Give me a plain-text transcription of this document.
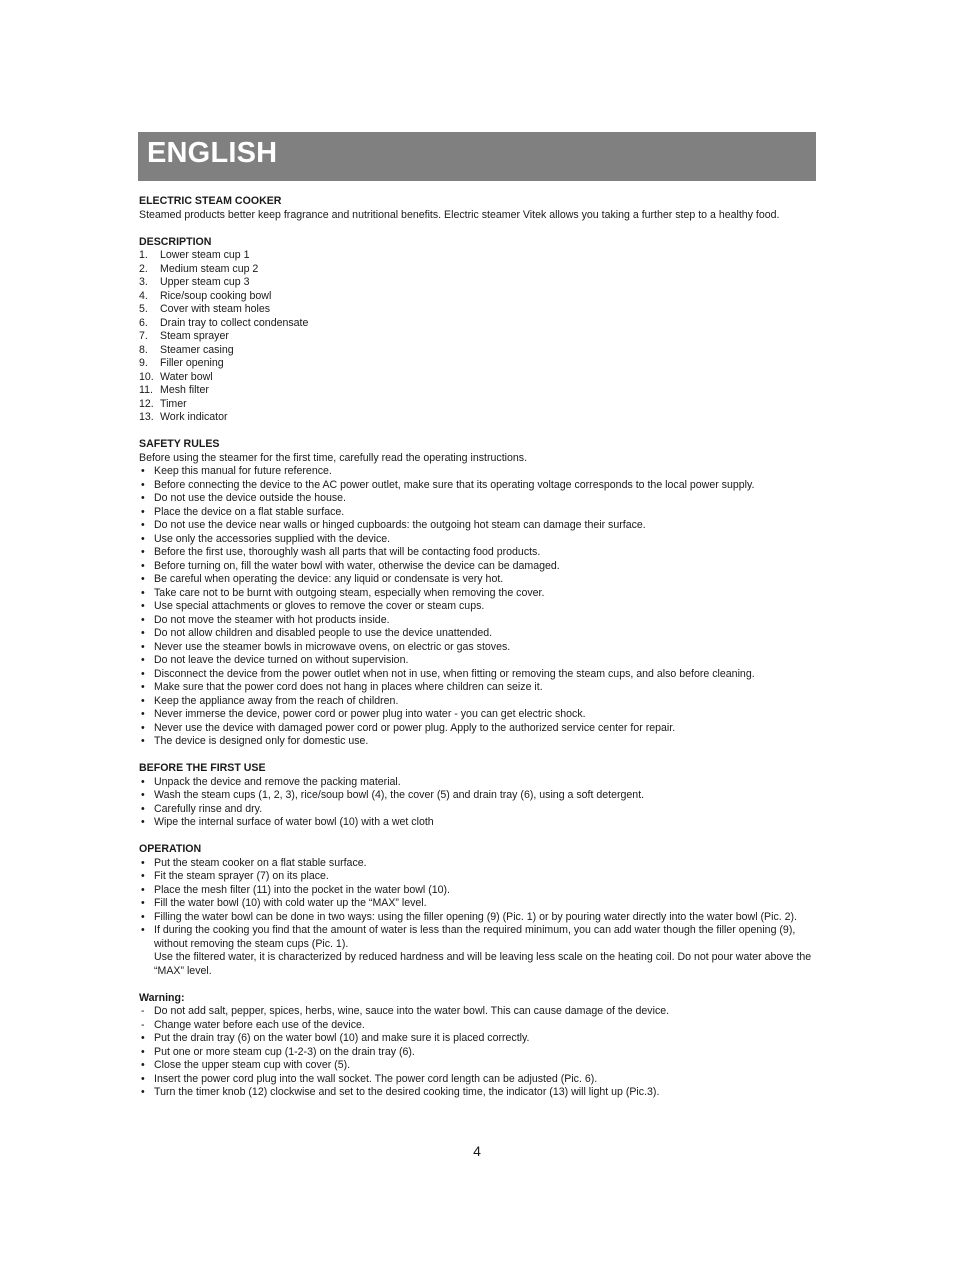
ENGLISH
ELECTRIC STEAM COOKER

Steamed products better keep fragrance and nutritional benefits. Electric steamer Vitek allows you taking a further step to a healthy food.

DESCRIPTION
1.	Lower steam cup 1
2.	Medium steam cup 2
3.	Upper steam cup 3
4.	Rice/soup cooking bowl
5.	Cover with steam holes
6.	Drain tray to collect condensate
7.	Steam sprayer
8.	Steamer casing
9.	Filler opening
10. Water bowl
11. Mesh filter
12. Timer
13. Work indicator
SAFETY RULES

Before using the steamer for the first time, carefully read the operating instructions.

• Keep this manual for future reference.
• Before connecting the device to the AC power outlet, make sure that its operating voltage corresponds to the local power supply.
• Do not use the device outside the house.
• Place the device on a flat stable surface.
• Do not use the device near walls or hinged cupboards: the outgoing hot steam can damage their surface.
• Use only the accessories supplied with the device.
• Before the first use, thoroughly wash all parts that will be contacting food products.
• Before turning on, fill the water bowl with water, otherwise the device can be damaged.
• Be careful when operating the device: any liquid or condensate is very hot.
• Take care not to be burnt with outgoing steam, especially when removing the cover.
• Use special attachments or gloves to remove the cover or steam cups.
• Do not move the steamer with hot products inside.
• Do not allow children and disabled people to use the device unattended.
• Never use the steamer bowls in microwave ovens, on electric or gas stoves.
• Do not leave the device turned on without supervision.
• Disconnect the device from the power outlet when not in use, when fitting or removing the steam cups, and also before cleaning.
• Make sure that the power cord does not hang in places where children can seize it.
• Keep the appliance away from the reach of children.
• Never immerse the device, power cord or power plug into water - you can get electric shock.
• Never use the device with damaged power cord or power plug. Apply to the authorized service center for repair.
• The device is designed only for domestic use.
BEFORE THE FIRST USE
• Unpack the device and remove the packing material.
• Wash the steam cups (1, 2, 3), rice/soup bowl (4), the cover (5) and drain tray (6), using a soft detergent.
• Carefully rinse and dry.
• Wipe the internal surface of water bowl (10) with a wet cloth
OPERATION
• Put the steam cooker on a flat stable surface.
• Fit the steam sprayer (7) on its place.
• Place the mesh filter (11) into the pocket in the water bowl (10).
• Fill the water bowl (10) with cold water up the “MAX” level.
• Filling the water bowl can be done in two ways: using the filler opening (9) (Pic. 1) or by pouring water directly into the water bowl (Pic. 2).
• If during the cooking you find that the amount of water is less than the required minimum, you can add water though the filler opening (9), without removing the steam cups (Pic. 1).

Use the filtered water, it is characterized by reduced hardness and will be leaving less scale on the heating coil. Do not pour water above the “MAX” level.

Warning:
- Do not add salt, pepper, spices, herbs, wine, sauce into the water bowl. This can cause damage of the device.
- Change water before each use of the device.
• Put the drain tray (6) on the water bowl (10) and make sure it is placed correctly.
• Put one or more steam cup (1-2-3) on the drain tray (6).
• Close the upper steam cup with cover (5).
• Insert the power cord plug into the wall socket. The power cord length can be adjusted (Pic. 6).
• Turn the timer knob (12) clockwise and set to the desired cooking time, the indicator (13) will light up (Pic.3).
4
